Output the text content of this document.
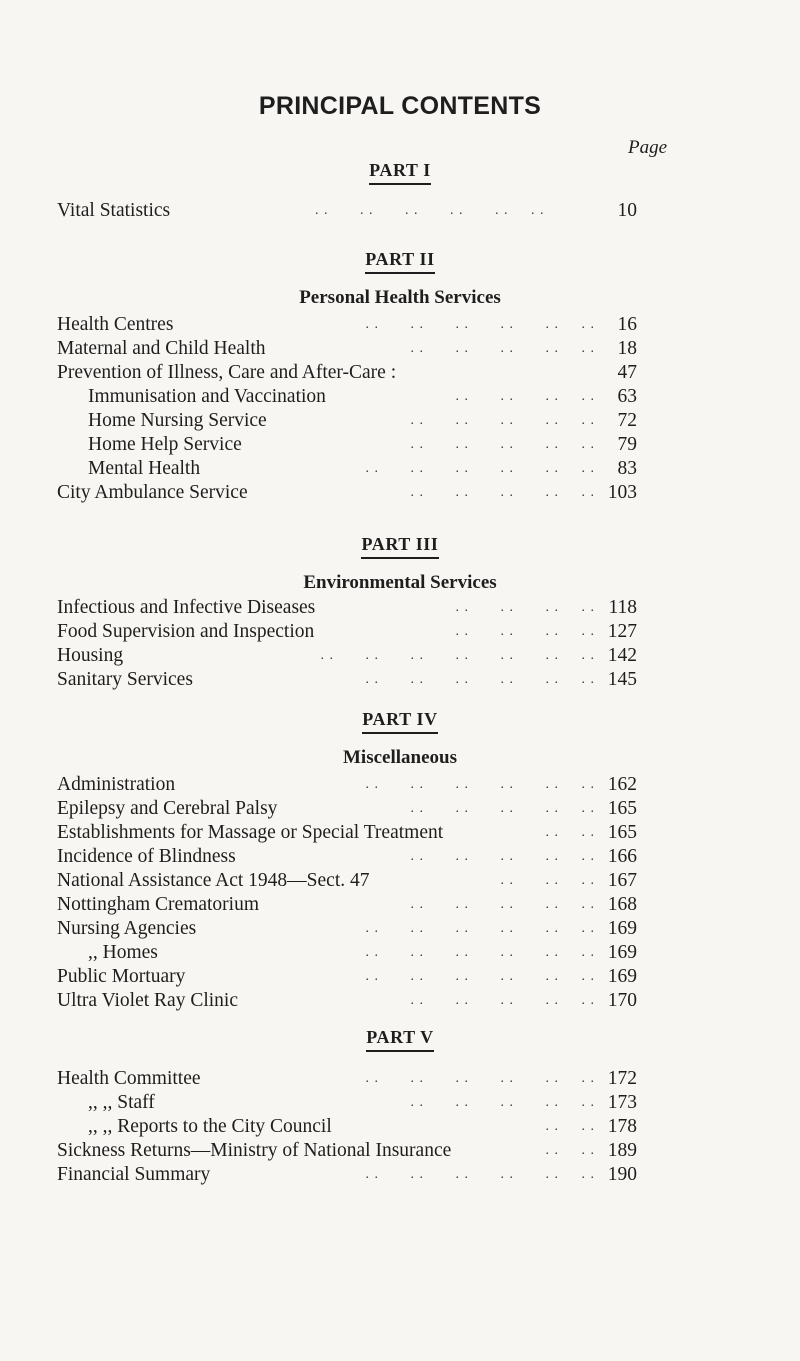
PRINCIPAL CONTENTS
Page
PART I
Vital Statistics	. .       . .       . .       . .       . .     . .	10
PART II
Personal Health Services
Health Centres	. .       . .       . .       . .       . .     . .	16
Maternal and Child Health	. .       . .       . .       . .     . .	18
Prevention of Illness, Care and After-Care :	47
Immunisation and Vaccination	. .       . .       . .     . .	63
Home Nursing Service	. .       . .       . .       . .     . .	72
Home Help Service	. .       . .       . .       . .     . .	79
Mental Health	. .       . .       . .       . .       . .     . .	83
City Ambulance Service	. .       . .       . .       . .     . . 103
PART III
Environmental Services
Infectious and Infective Diseases	. .       . .       . .     . . 118
Food Supervision and Inspection	. .       . .       . .     . . 127
Housing	. .       . .       . .       . .       . .       . .     . . 142
Sanitary Services	. .       . .       . .       . .       . .     . . 145
PART IV
Miscellaneous
Administration	. .       . .       . .       . .       . .     . . 162
Epilepsy and Cerebral Palsy	. .       . .       . .       . .     . . 165
Establishments for Massage or Special Treatment	. .     . . 165
Incidence of Blindness	. .       . .       . .       . .     . . 166
National Assistance Act 1948—Sect. 47	. .       . .     . . 167
Nottingham Crematorium	. .       . .       . .       . .     . . 168
Nursing Agencies	. .       . .       . .       . .       . .     . . 169
,, Homes	. .       . .       . .       . .       . .     . . 169
Public Mortuary	. .       . .       . .       . .       . .     . . 169
Ultra Violet Ray Clinic	. .       . .       . .       . .     . . 170
PART V
Health Committee	. .       . .       . .       . .       . .     . . 172
,, ,, Staff	. .       . .       . .       . .     . . 173
,, ,, Reports to the City Council	. .     . . 178
Sickness Returns—Ministry of National Insurance	. .     . . 189
Financial Summary	. .       . .       . .       . .       . .     . . 190
